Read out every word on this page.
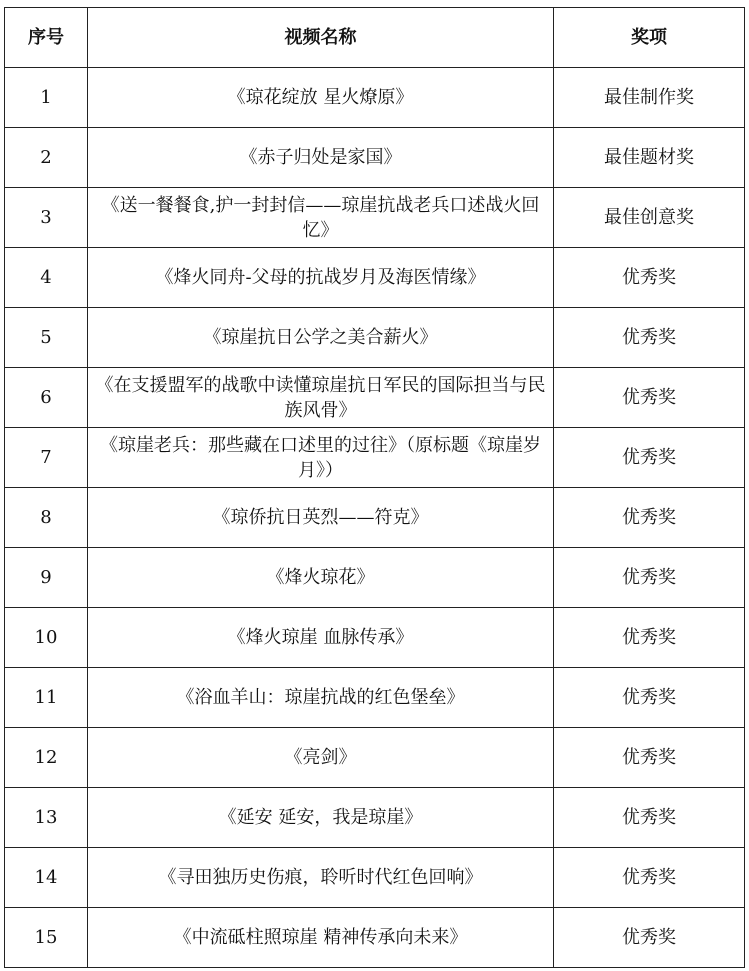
序号	视频名称	奖项
1	《琼花绽放 星火燎原》	最佳制作奖
2	《赤子归处是家国》	最佳题材奖
3	《送一餐餐食,护一封封信——琼崖抗战老兵口述战火回忆》	最佳创意奖
4	《烽火同舟-父母的抗战岁月及海医情缘》	优秀奖
5	《琼崖抗日公学之美合薪火》	优秀奖
6	《在支援盟军的战歌中读懂琼崖抗日军民的国际担当与民族风骨》	优秀奖
7	《琼崖老兵：那些藏在口述里的过往》（原标题《琼崖岁月》）	优秀奖
8	《琼侨抗日英烈——符克》	优秀奖
9	《烽火琼花》	优秀奖
10	《烽火琼崖 血脉传承》	优秀奖
11	《浴血羊山：琼崖抗战的红色堡垒》	优秀奖
12	《亮剑》	优秀奖
13	《延安 延安，我是琼崖》	优秀奖
14	《寻田独历史伤痕，聆听时代红色回响》	优秀奖
15	《中流砥柱照琼崖 精神传承向未来》	优秀奖
